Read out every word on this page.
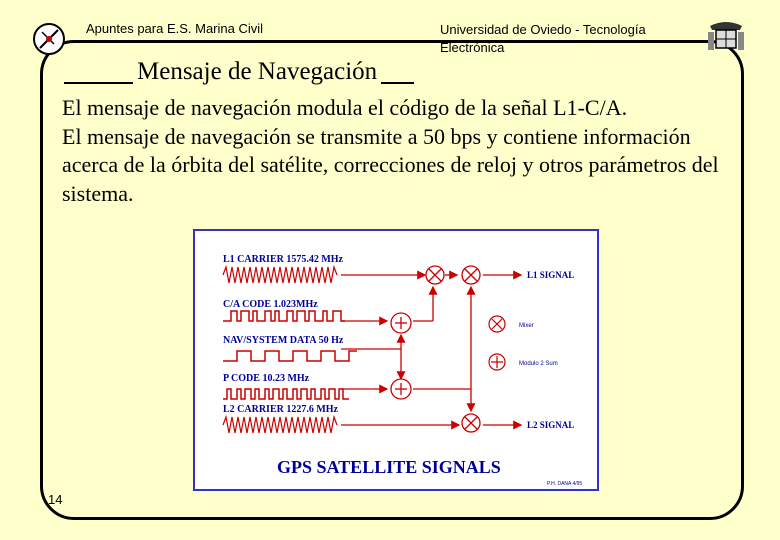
Apuntes para E.S. Marina Civil	Universidad de Oviedo - Tecnología Electrónica
Mensaje de Navegación

El mensaje de navegación modula el código de la señal L1-C/A.

El mensaje de navegación se transmite a 50 bps y contiene información acerca de la órbita del satélite, correcciones de reloj y otros parámetros del sistema.

L1 CARRIER 1575.42 MHz
C/A CODE 1.023MHz
NAV/SYSTEM DATA 50 Hz
P CODE 10.23 MHz
L2 CARRIER 1227.6 MHz
Mixer
Modulo 2 Sum
L1 SIGNAL
L2 SIGNAL
GPS SATELLITE SIGNALS
P.H. DANA 4/95
14
